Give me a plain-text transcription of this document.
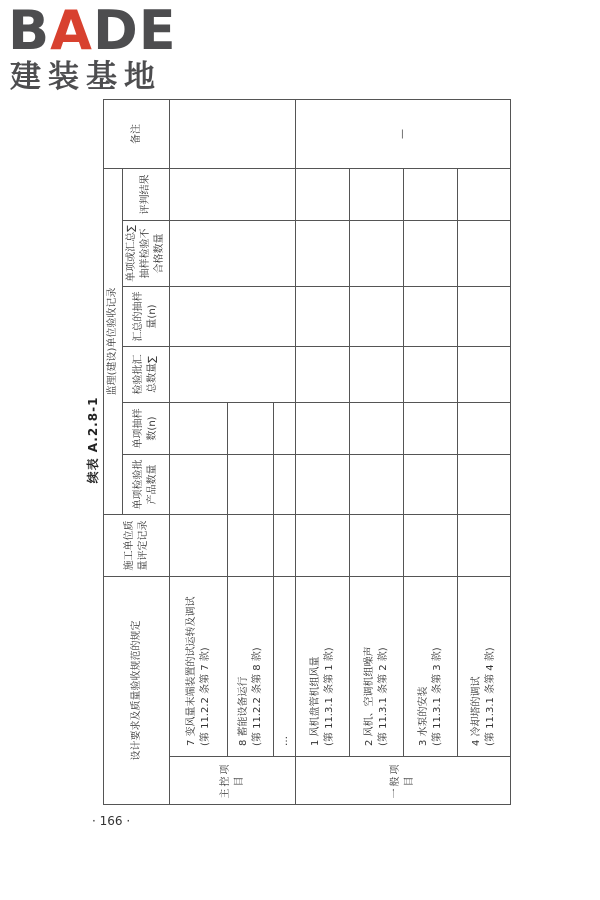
BADE
建装基地
续表 A.2.8-1
设计要求及质量验收规范的规定		施工单位质量评定记录	监理(建设)单位验收记录						备注
			单项检验批产品数量	单项抽样数(n)	检验批汇总数量∑	汇总的抽样量(n)	单项或汇总∑抽样检验不合格数量	评判结果	
主控项目	7 变风量末端装置的试运转及调试 (第 11.2.2 条第 7 款)								
	8 蓄能设备运行 (第 11.2.2 条第 8 款)								
	…								
一般项目	1 风机盘管机组风量 (第 11.3.1 条第 1 款)								—
	2 风机、空调机组噪声 (第 11.3.1 条第 2 款)								
	3 水泵的安装 (第 11.3.1 条第 3 款)								
	4 冷却塔的调试 (第 11.3.1 条第 4 款)								
· 166 ·
